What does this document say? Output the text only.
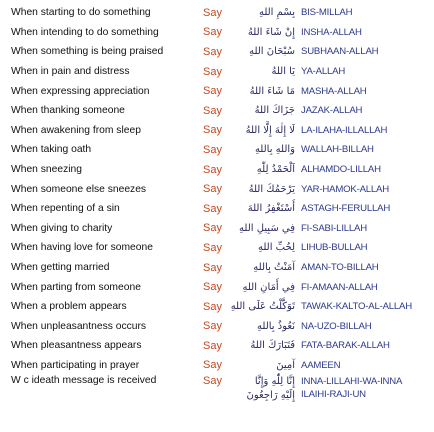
When starting to do something	Say	بِسْمِ اللهِ BIS-MILLAH
When intending to do something	Say	إِنْ شَاءَ اللهُ INSHA-ALLAH
When something is being praised	Say	سُبْحَانَ اللهِ SUBHAAN-ALLAH
When in pain and distress	Say	يَا اللهُ YA-ALLAH
When expressing appreciation	Say	مَا شَاءَ اللهُ MASHA-ALLAH
When thanking someone	Say	جَزَاكَ اللهُ JAZAK-ALLAH
When awakening from sleep	Say	لَا إِلٰهَ إِلَّا اللهُ LA-ILAHA-ILLALLAH
When taking oath	Say	وَاللهِ بِاللهِ WALLAH-BILLAH
When sneezing	Say	اَلْحَمْدُ لِلّٰهِ ALHAMDO-LILLAH
When someone else sneezes	Say	يَرْحَمُكَ اللهُ YAR-HAMOK-ALLAH
When repenting of a sin	Say	أَسْتَغْفِرُ اللهَ ASTAGH-FERULLAH
When giving to charity	Say	فِي سَبِيلِ اللهِ FI-SABI-LILLAH
When having love for someone	Say	لِحُبِّ اللهِ LIHUB-BULLAH
When getting married	Say	آمَنْتُ بِاللهِ AMAN-TO-BILLAH
When parting from someone	Say	فِي أَمَانِ اللهِ FI-AMAAN-ALLAH
When a problem appears	Say تَوَكَّلْتُ عَلَى اللهِ TAWAK-KALTO-AL-ALLAH
When unpleasantness occurs	Say	نَعُوذُ بِاللهِ NA-UZO-BILLAH
When pleasantness appears	Say	فَتَبَارَكَ اللهُ FATA-BARAK-ALLAH
When participating in prayer	Say	آمِينَ AAMEEN
W c ideath message is received	Say	إِنَّا لِلّٰهِ وَإِنَّا
إِلَيْهِ رَاجِعُونَ
INNA-LILLAHI-WA-INNA
ILAIHI-RAJI-UN
